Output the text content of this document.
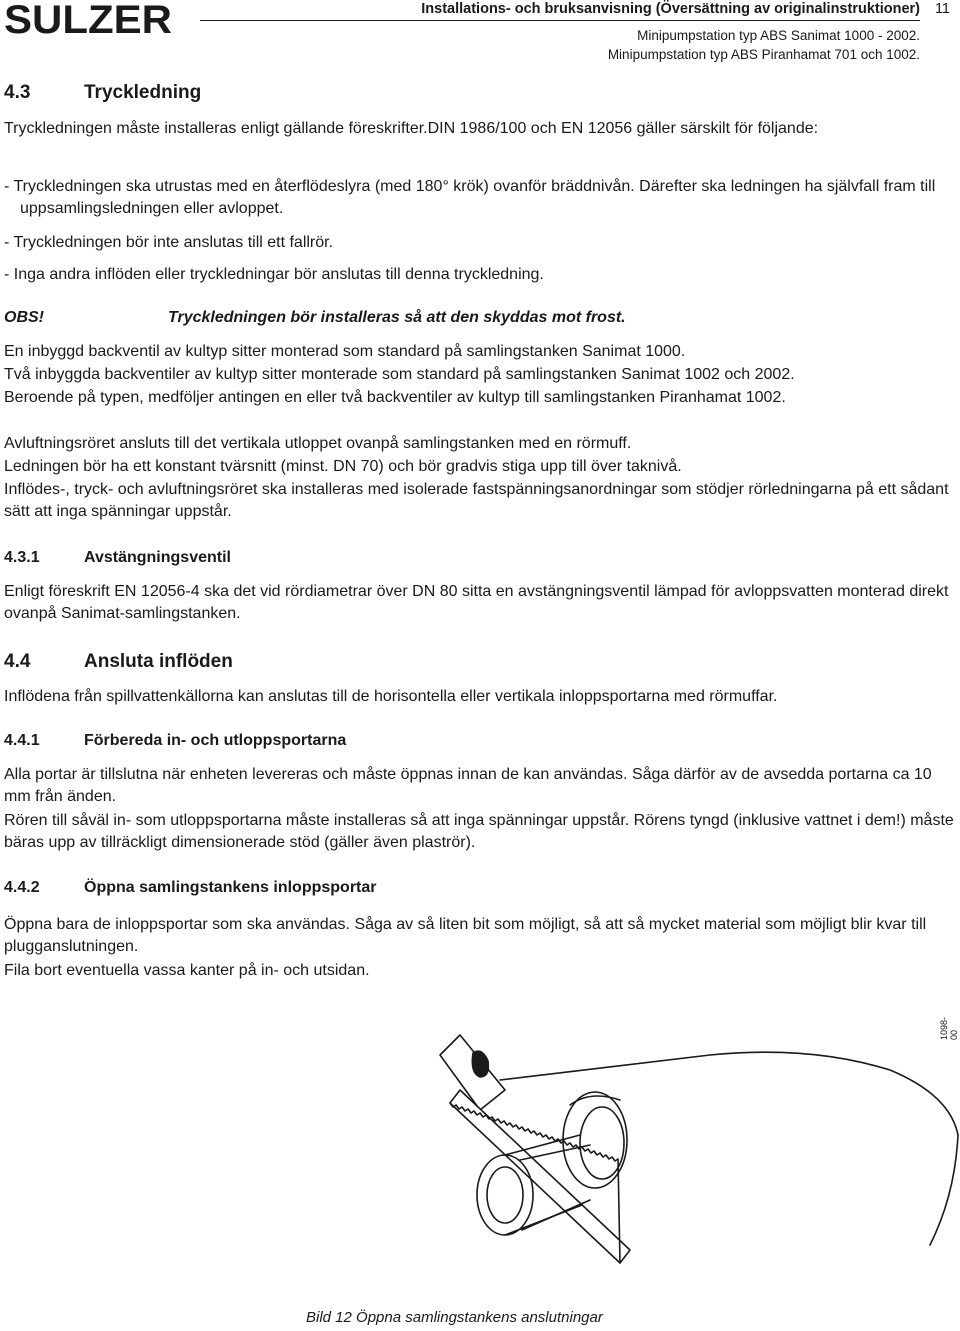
SULZER	Installations- och bruksanvisning (Översättning av originalinstruktioner) 11
Minipumpstation typ ABS Sanimat 1000 - 2002.
Minipumpstation typ ABS Piranhamat 701 och 1002.
4.3	Tryckledning

Tryckledningen måste installeras enligt gällande föreskrifter.DIN 1986/100 och EN 12056 gäller särskilt för följande:

- Tryckledningen ska utrustas med en återflödeslyra (med 180° krök) ovanför bräddnivån. Därefter ska ledningen ha självfall fram till uppsamlingsledningen eller avloppet.

- Tryckledningen bör inte anslutas till ett fallrör.

- Inga andra inflöden eller tryckledningar bör anslutas till denna tryckledning.

OBS!	Tryckledningen bör installeras så att den skyddas mot frost.

En inbyggd backventil av kultyp sitter monterad som standard på samlingstanken Sanimat 1000.

Två inbyggda backventiler av kultyp sitter monterade som standard på samlingstanken Sanimat 1002 och 2002.

Beroende på typen, medföljer antingen en eller två backventiler av kultyp till samlingstanken Piranhamat 1002.

Avluftningsröret ansluts till det vertikala utloppet ovanpå samlingstanken med en rörmuff.

Ledningen bör ha ett konstant tvärsnitt (minst. DN 70) och bör gradvis stiga upp till över taknivå.

Inflödes-, tryck- och avluftningsröret ska installeras med isolerade fastspänningsanordningar som stödjer rörledningarna på ett sådant sätt att inga spänningar uppstår.

4.3.1	Avstängningsventil

Enligt föreskrift EN 12056-4 ska det vid rördiametrar över DN 80 sitta en avstängningsventil lämpad för avloppsvatten monterad direkt ovanpå Sanimat-samlingstanken.

4.4	Ansluta inflöden

Inflödena från spillvattenkällorna kan anslutas till de horisontella eller vertikala inloppsportarna med rörmuffar.

4.4.1	Förbereda in- och utloppsportarna

Alla portar är tillslutna när enheten levereras och måste öppnas innan de kan användas. Såga därför av de avsedda portarna ca 10 mm från änden.

Rören till såväl in- som utloppsportarna måste installeras så att inga spänningar uppstår. Rörens tyngd (inklusive vattnet i dem!) måste bäras upp av tillräckligt dimensionerade stöd (gäller även plaströr).

4.4.2	Öppna samlingstankens inloppsportar

Öppna bara de inloppsportar som ska användas. Såga av så liten bit som möjligt, så att så mycket material som möjligt blir kvar till plugganslutningen.

Fila bort eventuella vassa kanter på in- och utsidan.

1098-00
Bild 12 Öppna samlingstankens anslutningar
